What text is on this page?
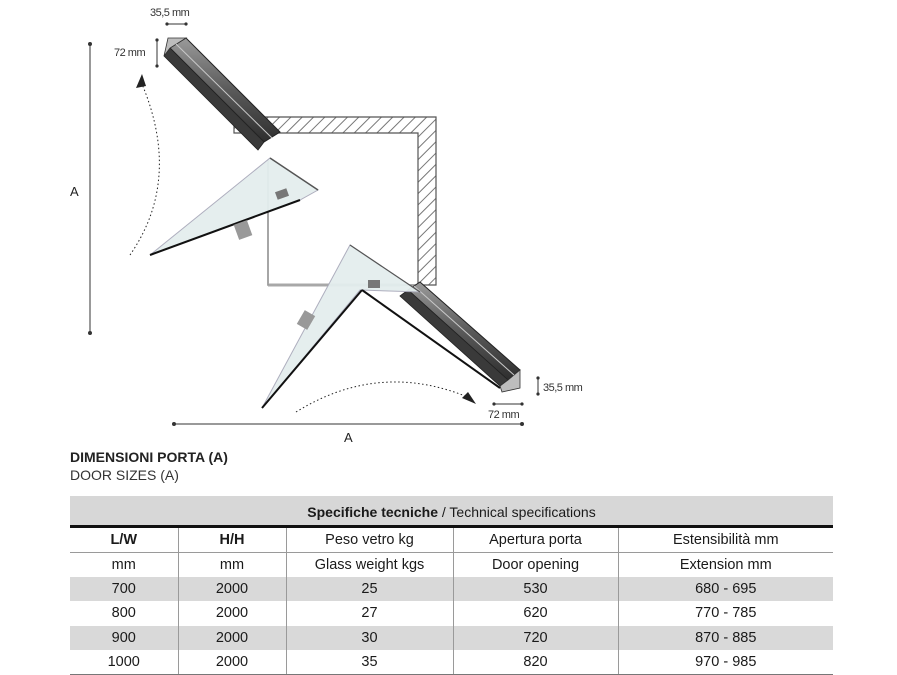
A
A
35,5 mm
72 mm
35,5 mm
72 mm
DIMENSIONI PORTA (A)
DOOR SIZES (A)
Specifiche tecniche / Technical specifications
L/W	H/H	Peso vetro kg	Apertura porta	Estensibilità mm
mm	mm	Glass weight kgs	Door opening	Extension mm
700	2000	25	530	680 - 695
800	2000	27	620	770 - 785
900	2000	30	720	870 - 885
1000	2000	35	820	970 - 985
